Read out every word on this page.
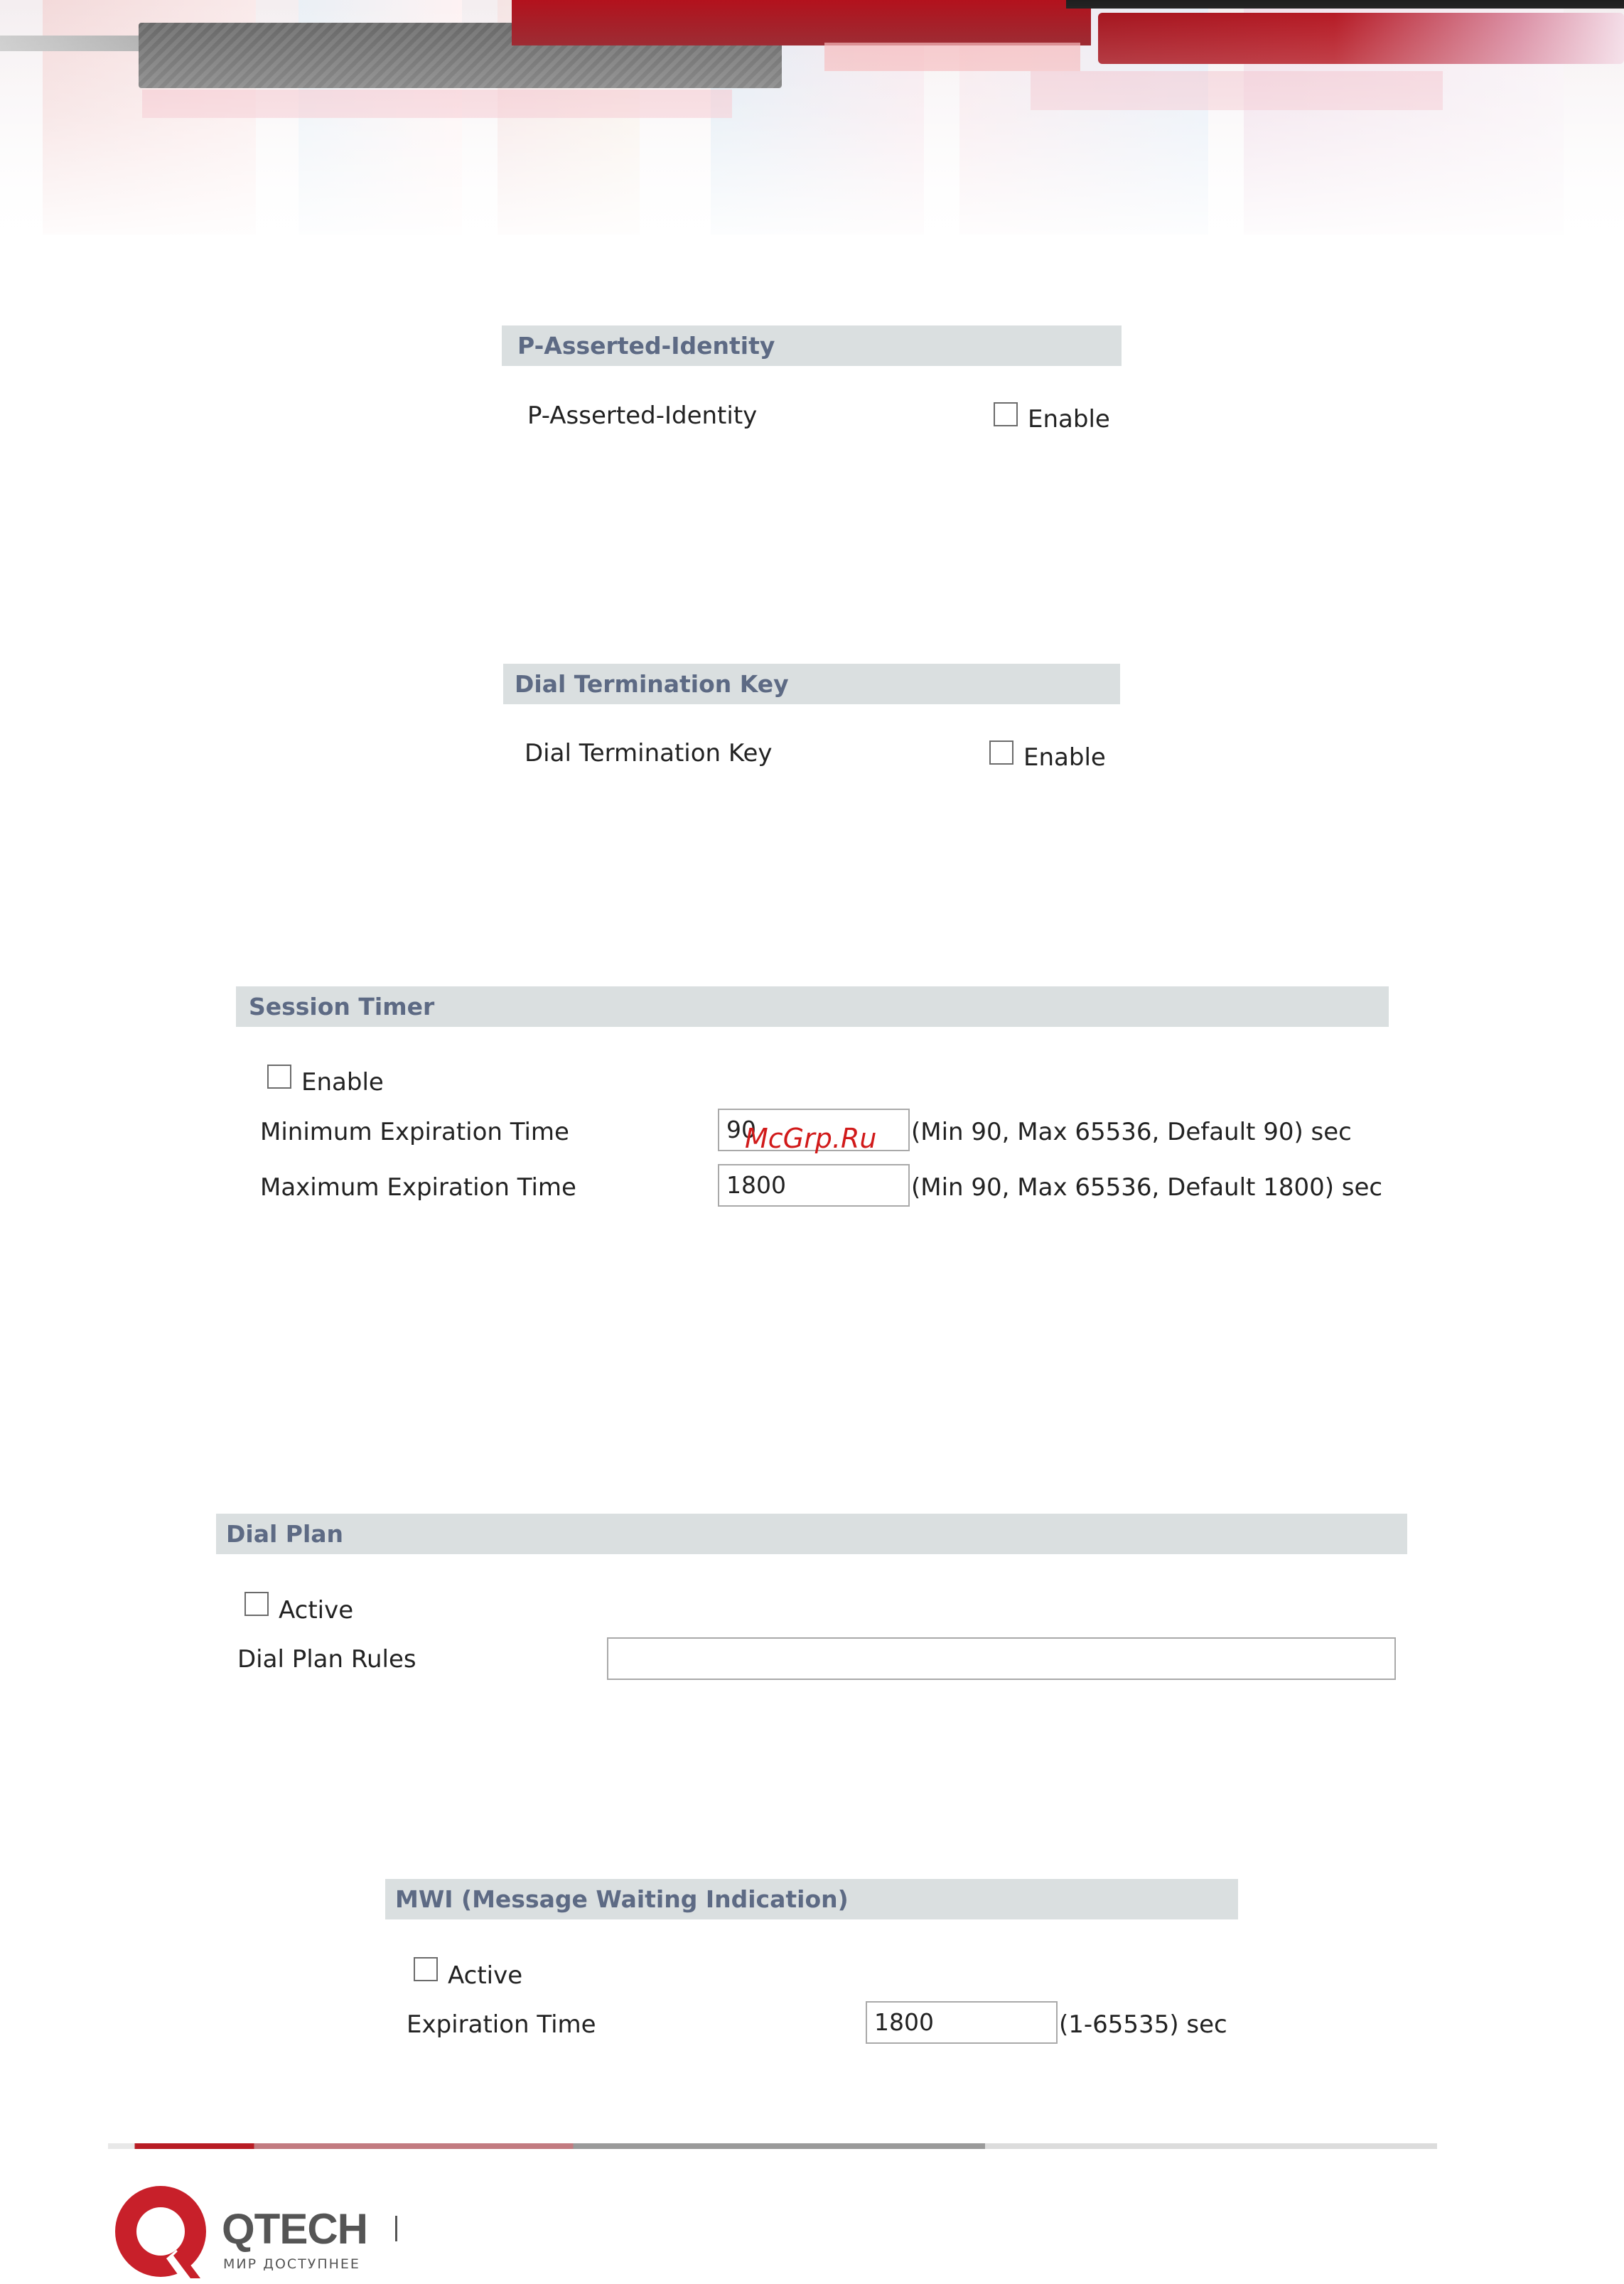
P-Asserted-Identity
P-Asserted-Identity	Enable
Dial Termination Key
Dial Termination Key	Enable
Session Timer
Enable
Minimum Expiration Time	90	(Min 90, Max 65536, Default 90) sec
Maximum Expiration Time	1800	(Min 90, Max 65536, Default 1800) sec
McGrp.Ru
Dial Plan
Active
Dial Plan Rules
MWI (Message Waiting Indication)
Active
Expiration Time	1800	(1-65535) sec
QTECH
МИР ДОСТУПНЕЕ
